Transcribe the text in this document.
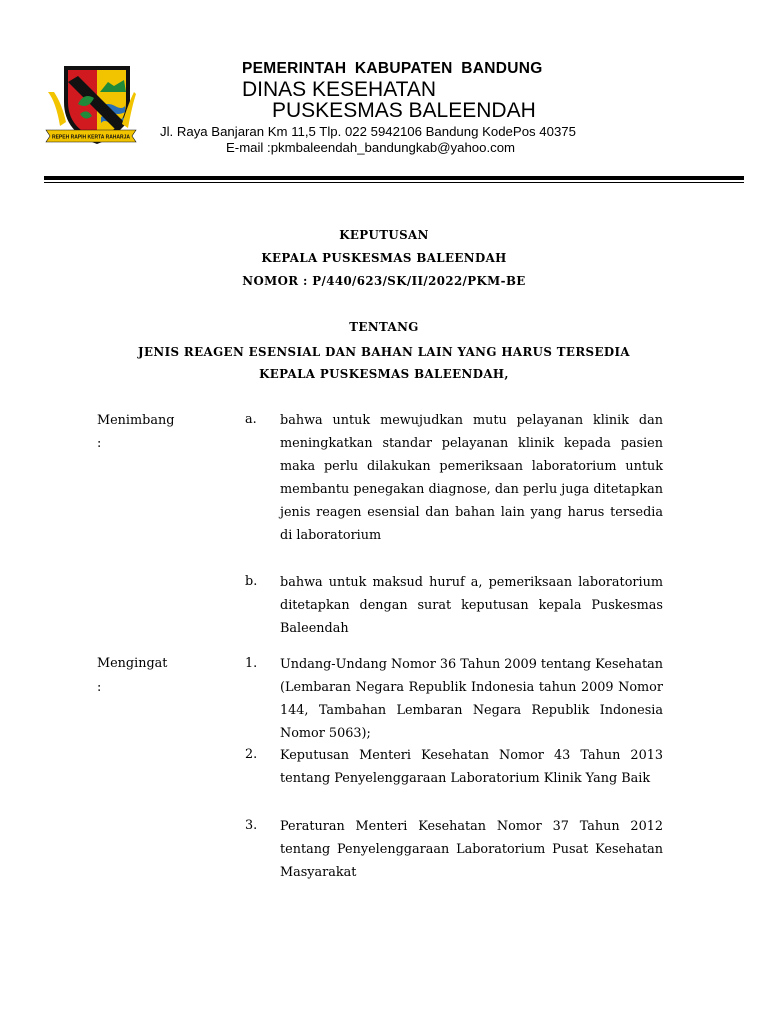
REPEH RAPIH KERTA RAHARJA
PEMERINTAH KABUPATEN BANDUNG
DINAS KESEHATAN
PUSKESMAS BALEENDAH
Jl. Raya Banjaran Km 11,5 Tlp. 022 5942106 Bandung KodePos 40375
E-mail :pkmbaleendah_bandungkab@yahoo.com
KEPUTUSAN
KEPALA PUSKESMAS BALEENDAH
NOMOR : P/440/623/SK/II/2022/PKM-BE
TENTANG
JENIS REAGEN ESENSIAL DAN BAHAN LAIN YANG HARUS TERSEDIA
KEPALA PUSKESMAS BALEENDAH,
Menimbang
:
a. bahwa untuk mewujudkan mutu pelayanan klinik dan meningkatkan standar pelayanan klinik kepada pasien maka perlu dilakukan pemeriksaan laboratorium untuk membantu penegakan diagnose, dan perlu juga ditetapkan jenis reagen esensial dan bahan lain yang harus tersedia di laboratorium
b. bahwa untuk maksud huruf a, pemeriksaan laboratorium ditetapkan dengan surat keputusan kepala Puskesmas Baleendah
Mengingat
:
1. Undang-Undang Nomor 36 Tahun 2009 tentang Kesehatan (Lembaran Negara Republik Indonesia tahun 2009 Nomor 144, Tambahan Lembaran Negara Republik Indonesia Nomor 5063);
2. Keputusan Menteri Kesehatan Nomor 43 Tahun 2013 tentang Penyelenggaraan Laboratorium Klinik Yang Baik
3. Peraturan Menteri Kesehatan Nomor 37 Tahun 2012 tentang Penyelenggaraan Laboratorium Pusat Kesehatan Masyarakat
